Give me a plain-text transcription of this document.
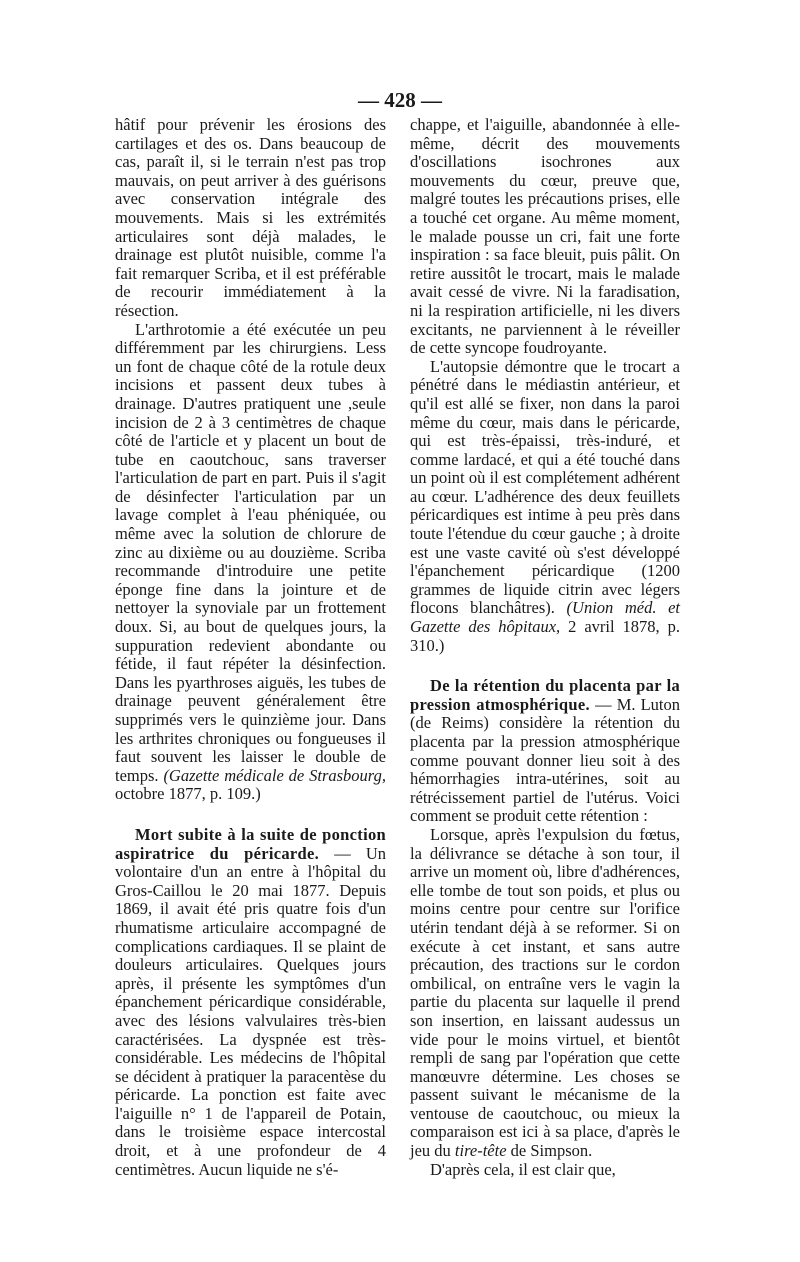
— 428 —

hâtif pour prévenir les érosions des cartilages et des os. Dans beaucoup de cas, paraît il, si le terrain n'est pas trop mauvais, on peut arriver à des guérisons avec conservation intégrale des mouvements. Mais si les extrémités articulaires sont déjà malades, le drainage est plutôt nuisible, comme l'a fait remarquer Scriba, et il est préférable de recourir immédiatement à la résection.

L'arthrotomie a été exécutée un peu différemment par les chirurgiens. Less un font de chaque côté de la rotule deux incisions et passent deux tubes à drainage. D'autres pratiquent une ,seule incision de 2 à 3 centimètres de chaque côté de l'article et y placent un bout de tube en caoutchouc, sans traverser l'articulation de part en part. Puis il s'agit de désinfecter l'articulation par un lavage complet à l'eau phéniquée, ou même avec la solution de chlorure de zinc au dixième ou au douzième. Scriba recommande d'introduire une petite éponge fine dans la jointure et de nettoyer la synoviale par un frottement doux. Si, au bout de quelques jours, la suppuration redevient abondante ou fétide, il faut répéter la désinfection. Dans les pyarthroses aiguës, les tubes de drainage peuvent généralement être supprimés vers le quinzième jour. Dans les arthrites chroniques ou fongueuses il faut souvent les laisser le double de temps. (Gazette médicale de Strasbourg, octobre 1877, p. 109.)

Mort subite à la suite de ponction aspiratrice du péricarde. — Un volontaire d'un an entre à l'hôpital du Gros-Caillou le 20 mai 1877. Depuis 1869, il avait été pris quatre fois d'un rhumatisme articulaire accompagné de complications cardiaques. Il se plaint de douleurs articulaires. Quelques jours après, il présente les symptômes d'un épanchement péricardique considérable, avec des lésions valvulaires très-bien caractérisées. La dyspnée est très-considérable. Les médecins de l'hôpital se décident à pratiquer la paracentèse du péricarde. La ponction est faite avec l'aiguille n° 1 de l'appareil de Potain, dans le troisième espace intercostal droit, et à une profondeur de 4 centimètres. Aucun liquide ne s'é-

chappe, et l'aiguille, abandonnée à elle-même, décrit des mouvements d'oscillations isochrones aux mouvements du cœur, preuve que, malgré toutes les précautions prises, elle a touché cet organe. Au même moment, le malade pousse un cri, fait une forte inspiration : sa face bleuit, puis pâlit. On retire aussitôt le trocart, mais le malade avait cessé de vivre. Ni la faradisation, ni la respiration artificielle, ni les divers excitants, ne parviennent à le réveiller de cette syncope foudroyante.

L'autopsie démontre que le trocart a pénétré dans le médiastin antérieur, et qu'il est allé se fixer, non dans la paroi même du cœur, mais dans le péricarde, qui est très-épaissi, très-induré, et comme lardacé, et qui a été touché dans un point où il est complétement adhérent au cœur. L'adhérence des deux feuillets péricardiques est intime à peu près dans toute l'étendue du cœur gauche ; à droite est une vaste cavité où s'est développé l'épanchement péricardique (1200 grammes de liquide citrin avec légers flocons blanchâtres). (Union méd. et Gazette des hôpitaux, 2 avril 1878, p. 310.)

De la rétention du placenta par la pression atmosphérique. — M. Luton (de Reims) considère la rétention du placenta par la pression atmosphérique comme pouvant donner lieu soit à des hémorrhagies intra-utérines, soit au rétrécissement partiel de l'utérus. Voici comment se produit cette rétention :

Lorsque, après l'expulsion du fœtus, la délivrance se détache à son tour, il arrive un moment où, libre d'adhérences, elle tombe de tout son poids, et plus ou moins centre pour centre sur l'orifice utérin tendant déjà à se reformer. Si on exécute à cet instant, et sans autre précaution, des tractions sur le cordon ombilical, on entraîne vers le vagin la partie du placenta sur laquelle il prend son insertion, en laissant audessus un vide pour le moins virtuel, et bientôt rempli de sang par l'opération que cette manœuvre détermine. Les choses se passent suivant le mécanisme de la ventouse de caoutchouc, ou mieux la comparaison est ici à sa place, d'après le jeu du tire-tête de Simpson.

D'après cela, il est clair que,
